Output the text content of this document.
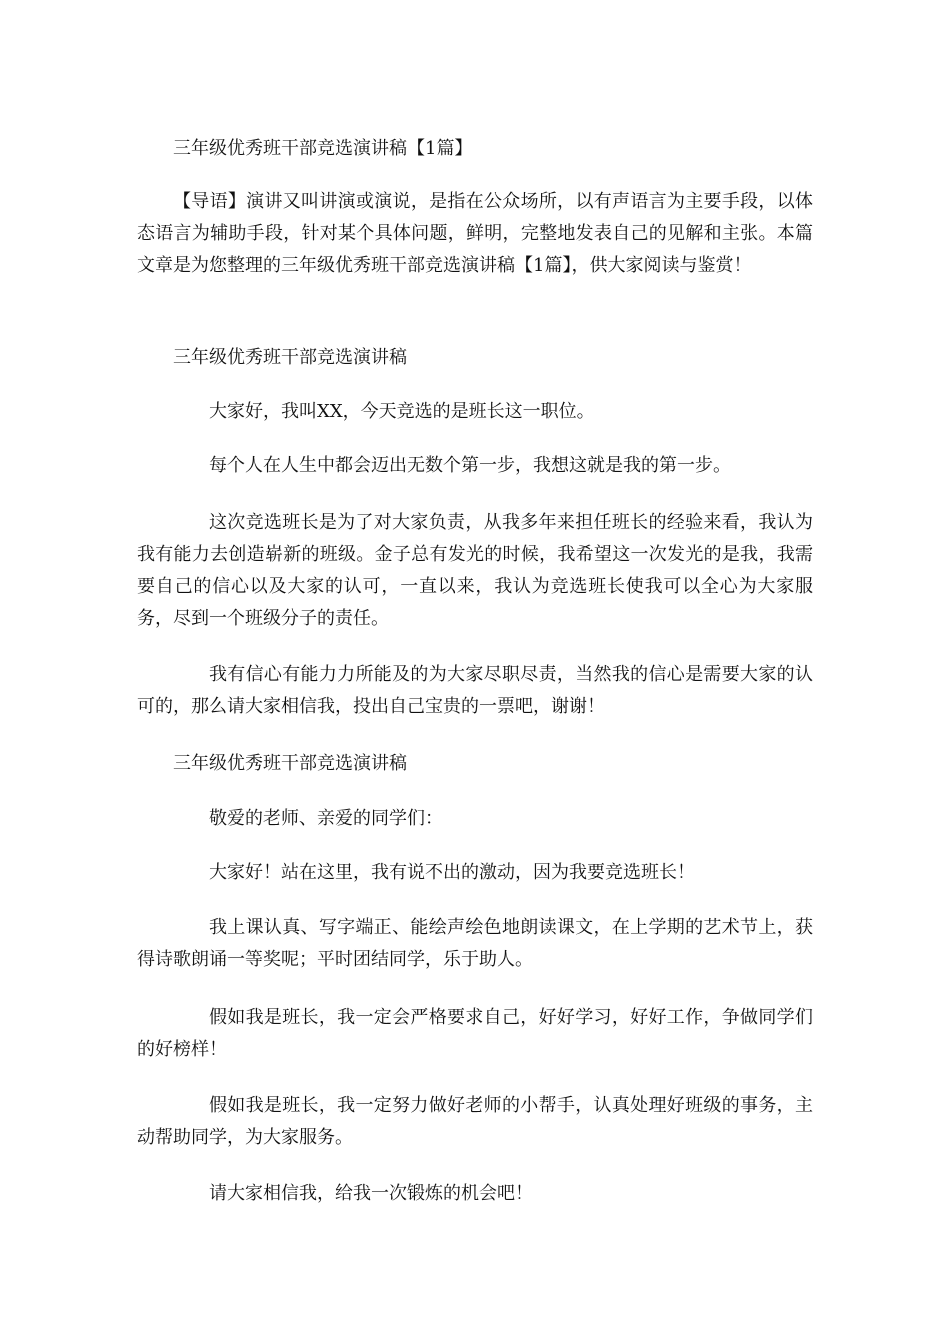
三年级优秀班干部竞选演讲稿【1篇】

【导语】演讲又叫讲演或演说，是指在公众场所，以有声语言为主要手段，以体态语言为辅助手段，针对某个具体问题，鲜明，完整地发表自己的见解和主张。本篇文章是为您整理的三年级优秀班干部竞选演讲稿【1篇】，供大家阅读与鉴赏！

三年级优秀班干部竞选演讲稿

大家好，我叫XX，今天竞选的是班长这一职位。

每个人在人生中都会迈出无数个第一步，我想这就是我的第一步。

这次竞选班长是为了对大家负责，从我多年来担任班长的经验来看，我认为我有能力去创造崭新的班级。金子总有发光的时候，我希望这一次发光的是我，我需要自己的信心以及大家的认可，一直以来，我认为竞选班长使我可以全心为大家服务，尽到一个班级分子的责任。

我有信心有能力力所能及的为大家尽职尽责，当然我的信心是需要大家的认可的，那么请大家相信我，投出自己宝贵的一票吧，谢谢！

三年级优秀班干部竞选演讲稿

敬爱的老师、亲爱的同学们：

大家好！站在这里，我有说不出的激动，因为我要竞选班长！

我上课认真、写字端正、能绘声绘色地朗读课文，在上学期的艺术节上，获得诗歌朗诵一等奖呢；平时团结同学，乐于助人。

假如我是班长，我一定会严格要求自己，好好学习，好好工作，争做同学们的好榜样！

假如我是班长，我一定努力做好老师的小帮手，认真处理好班级的事务，主动帮助同学，为大家服务。

请大家相信我，给我一次锻炼的机会吧！
